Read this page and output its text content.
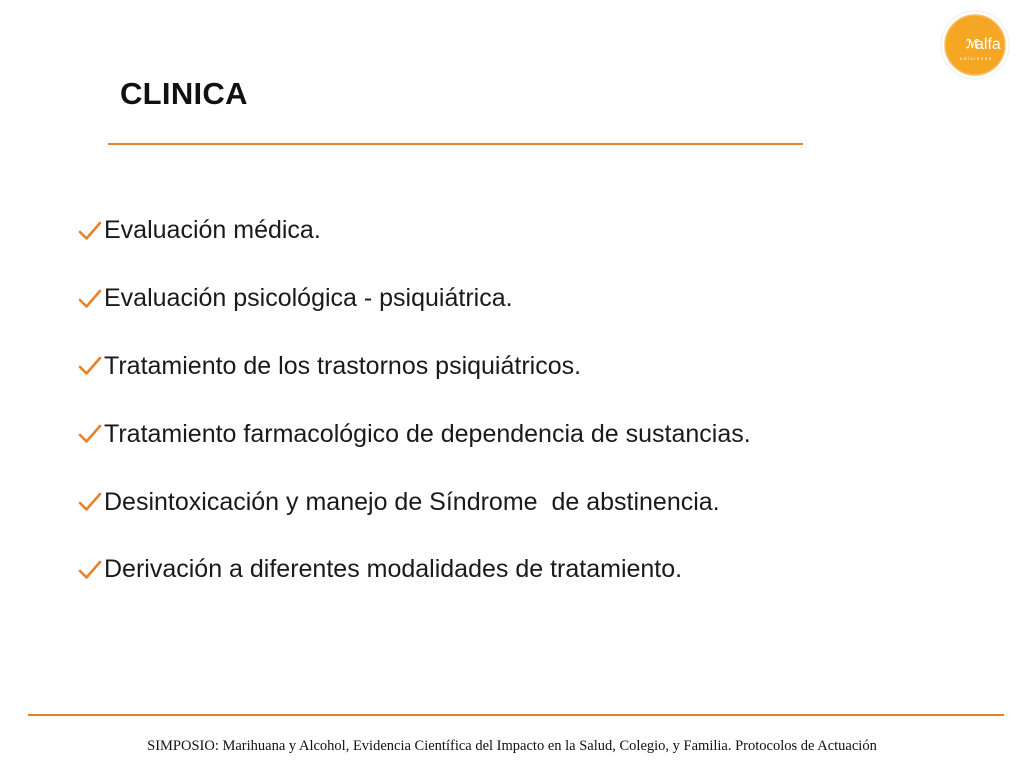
ℳ
alfa
ediciones
CLINICA
Evaluación médica.
Evaluación psicológica - psiquiátrica.
Tratamiento de los trastornos psiquiátricos.
Tratamiento farmacológico de dependencia de sustancias.
Desintoxicación y manejo de Síndrome  de abstinencia.
Derivación a diferentes modalidades de tratamiento.
SIMPOSIO: Marihuana y Alcohol, Evidencia Científica del Impacto en la Salud, Colegio, y Familia. Protocolos de Actuación
